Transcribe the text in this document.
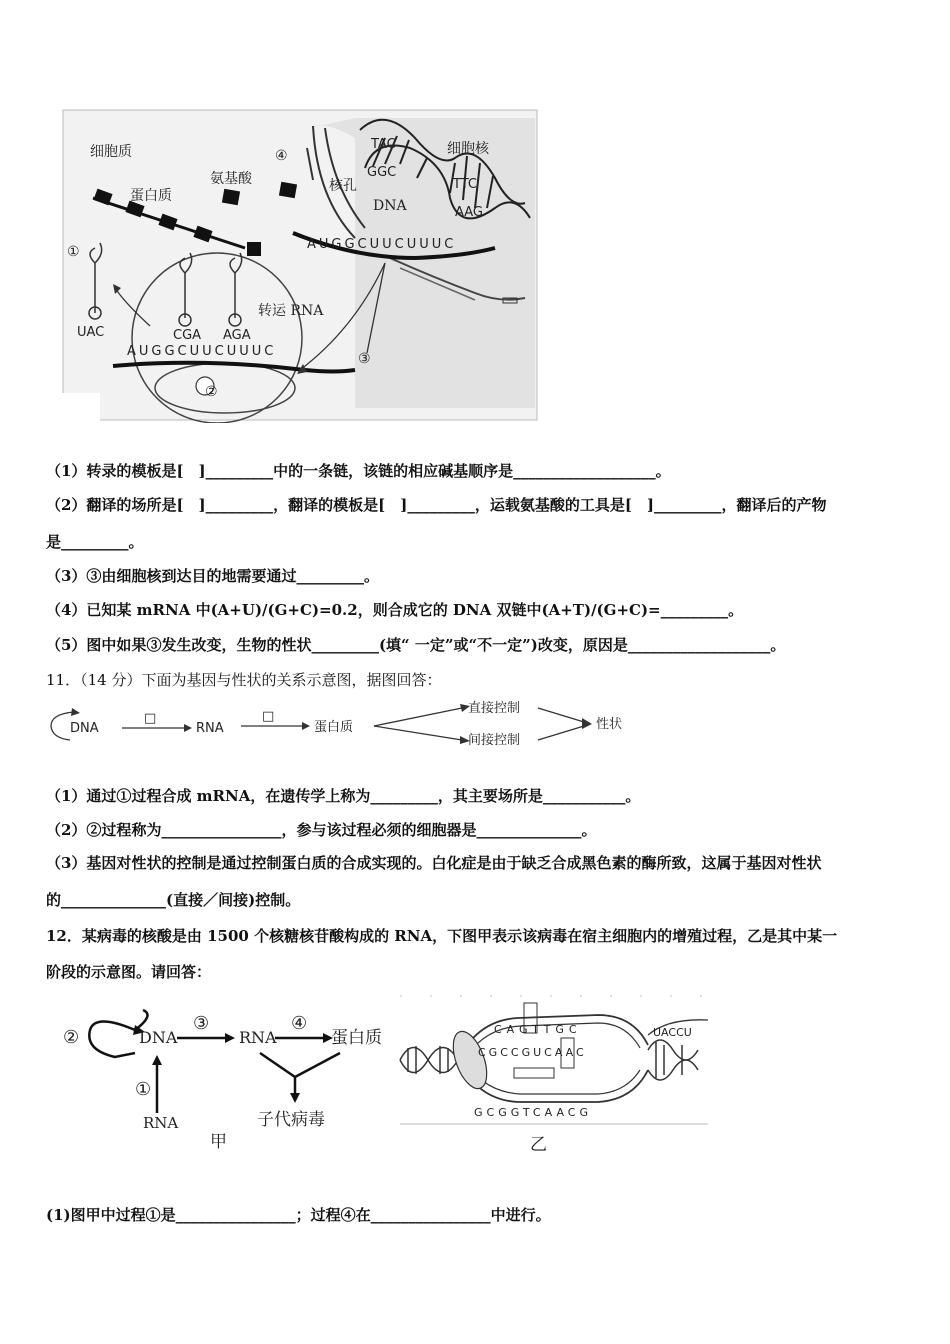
TAC
GGC
TTC
AAG
AUGGCUUCUUUC
UAC	CGA AGA
AUGGCUUCUUUC
细胞质
蛋白质
氨基酸
④
核孔
DNA
细胞核
①
转运 RNA
③
②
（1）转录的模板是[　]_________中的一条链，该链的相应碱基顺序是___________________。
（2）翻译的场所是[　]_________，翻译的模板是[　]_________，运载氨基酸的工具是[　]_________，翻译后的产物
是_________。
（3）③由细胞核到达目的地需要通过_________。
（4）已知某 mRNA 中(A+U)/(G+C)=0.2，则合成它的 DNA 双链中(A+T)/(G+C)=_________。
（5）图中如果③发生改变，生物的性状_________(填“ 一定”或“不一定”)改变，原因是___________________。
11．（14 分）下面为基因与性状的关系示意图，据图回答：
DNA
□
RNA
□
蛋白质
直接控制
间接控制
性状
（1）通过①过程合成 mRNA，在遗传学上称为_________，其主要场所是___________。
（2）②过程称为________________，参与该过程必须的细胞器是______________。
（3）基因对性状的控制是通过控制蛋白质的合成实现的。白化症是由于缺乏合成黑色素的酶所致，这属于基因对性状
的______________(直接／间接)控制。
12．某病毒的核酸是由 1500 个核糖核苷酸构成的 RNA，下图甲表示该病毒在宿主细胞内的增殖过程，乙是其中某一
阶段的示意图。请回答：
②	DNA
③
RNA
④
蛋白质
子代病毒
①
RNA
甲
CAGTTGC
CGCCGUCAAC
GCGGTCAACG
UACCU
乙
(1)图甲中过程①是________________；过程④在________________中进行。
